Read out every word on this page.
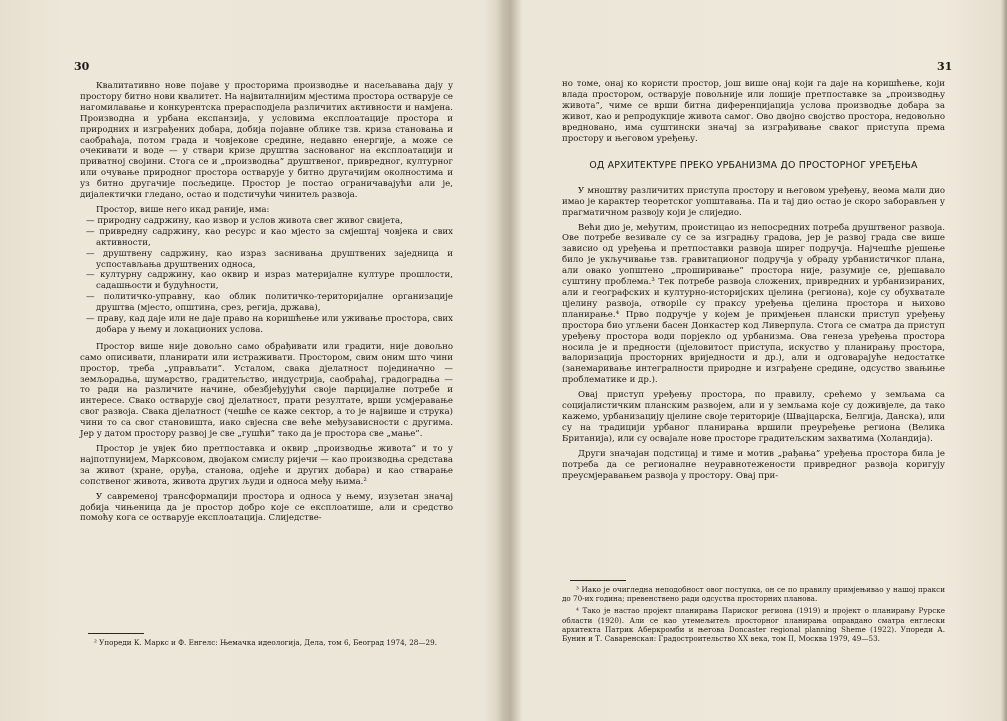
30

Квалитативно нове појаве у просторима производње и насељавања дају у простору битно нови квалитет. На највиталнијим мјестима простора остварује се нагомилавање и конкурентска прерасподјела различитих активности и намјена. Производна и урбана експанзија, у условима експлоатације простора и природних и изграђених добара, добија појавне облике тзв. криза становања и саобраћаја, потом града и човјекове средине, недавно енергије, а може се очекивати и воде — у ствари кризе друштва заснованог на експлоатацији и приватној својини. Стога се и „производња” друштвеног, привредног, културног или очување природног простора остварује у битно другачијим околностима и уз битно другачије посљедице. Простор је постао ограничавајући али је, дијалектички гледано, остао и подстичући чинитељ развоја.

Простор, више него икад раније, има:

— природну садржину, као извор и услов живота свег живог свијета,
— привредну садржину, као ресурс и као мјесто за смјештај човјека и свих активности,
— друштвену садржину, као израз заснивања друштвених заједница и успостављања друштвених односа,
— културну садржину, као оквир и израз материјалне културе прошлости, садашњости и будућности,
— политичко-управну, као облик политичко-територијалне организације друштва (мјесто, општина, срез, регија, држава),
— праву, кад даје или не даје право на коришћење или уживање простора, свих добара у њему и локационих услова.

Простор више није довољно само обрађивати или градити, није довољно само описивати, планирати или истраживати. Простором, свим оним што чини простор, треба „управљати”. Усталом, свака дјелатност појединачно — земљорадња, шумарство, градитељство, индустрија, саобраћај, градоградња — то ради на различите начине, обезбјеђујући своје парцијалне потребе и интересе. Свако остварује свој дјелатност, прати резултате, врши усмјеравање свог развоја. Свака дјелатност (чешће се каже сектор, а то је највише и струка) чини то са свог становишта, иако свјесна све веће међузависности с другима. Јер у датом простору развој је све „гушћи” тако да је простора све „мање”.

Простор је увјек био претпоставка и оквир „производње живота” и то у најпотпунијем, Марксовом, двојаком смислу ријечи — као производња средстава за живот (хране, оруђа, станова, одјеће и других добара) и као стварање сопственог живота, живота других људи и односа међу њима.²

У савременој трансформацији простора и односа у њему, изузетан значај добија чињеница да је простор добро које се експлоатише, али и средство помоћу кога се остварује експлоатација. Слиједстве-

² Упореди К. Маркс и Ф. Енгелс: Њемачка идеологија, Дела, том 6, Београд 1974, 28—29.

31

но томе, онај ко користи простор, још више онај који га даје на коришћење, који влада простором, остварује повољније или лошије претпоставке за „производњу живота”, чиме се врши битна диференцијација услова производње добара за живот, као и репродукције живота самог. Ово двојно својство простора, недовољно вредновано, има суштински значај за изграђивање сваког приступа према простору и његовом уређењу.

ОД АРХИТЕКТУРЕ ПРЕКО УРБАНИЗМА ДО ПРОСТОРНОГ УРЕЂЕЊА

У мноштву различитих приступа простору и његовом уређењу, веома мали дио имао је карактер теоретског уопштавања. Па и тај дио остао је скоро заборављен у прагматичном развоју који је слиједио.

Већи дио је, међутим, проистицао из непосредних потреба друштвеног развоја. Ове потребе везивале су се за изградњу градова, јер је развој града све више зависио од уређења и претпоставки развоја ширег подручја. Најчешће рјешење било је укључивање тзв. гравитационог подручја у обраду урбанистичког плана, али овако уопштено „проширивање” простора није, разумије се, рјешавало суштину проблема.³ Тек потребе развоја сложених, привредних и урбанизираних, али и географских и културно-историјских цјелина (региона), које су обухватале цјелину развоја, отворile су праксу уређења цјелина простора и њихово планирање.⁴ Прво подручје у којем је примјењен плански приступ уређењу простора био угљени басен Донкастер код Ливерпула. Стога се сматра да приступ уређењу простора води порјекло од урбанизма. Ова генеза уређења простора носила је и предности (цјеловитост приступа, искуство у планирању простора, валоризација просторних вриједности и др.), али и одговарајуће недостатке (занемаривање интегралности природне и изграђене средине, одсуство звањиње проблематике и др.).

Овај приступ уређењу простора, по правилу, срећемо у земљама са социјалистичким планским развојем, али и у земљама које су доживјеле, да тако кажемо, урбанизацију цјелине своје територије (Швајцарска, Белгија, Данска), или су на традицији урбаног планирања вршили преуређење региона (Велика Британија), или су освајале нове просторе градитељским захватима (Холандија).

Други значајан подстицај и тиме и мотив „рађања” уређења простора била је потреба да се регионалне неуравнотежености привредног развоја коригују преусмјеравањем развоја у простору. Овај при-

³ Иако је очигледна неподобност овог поступка, он се по правилу примјењивао у нашој пракси до 70-их година; превенствено ради одсуства просторних планова.

⁴ Тако је настао пројект планирања Париског региона (1919) и пројект о планирању Рурске области (1920). Али се као утемељитељ просторног планирања оправдано сматра енглески архитекта Патрик Аберкромби и његова Doncaster regional planning Sheme (1922). Упореди А. Бунин и Т. Саваренская: Градостроительство XX века, том II, Москва 1979, 49—53.
